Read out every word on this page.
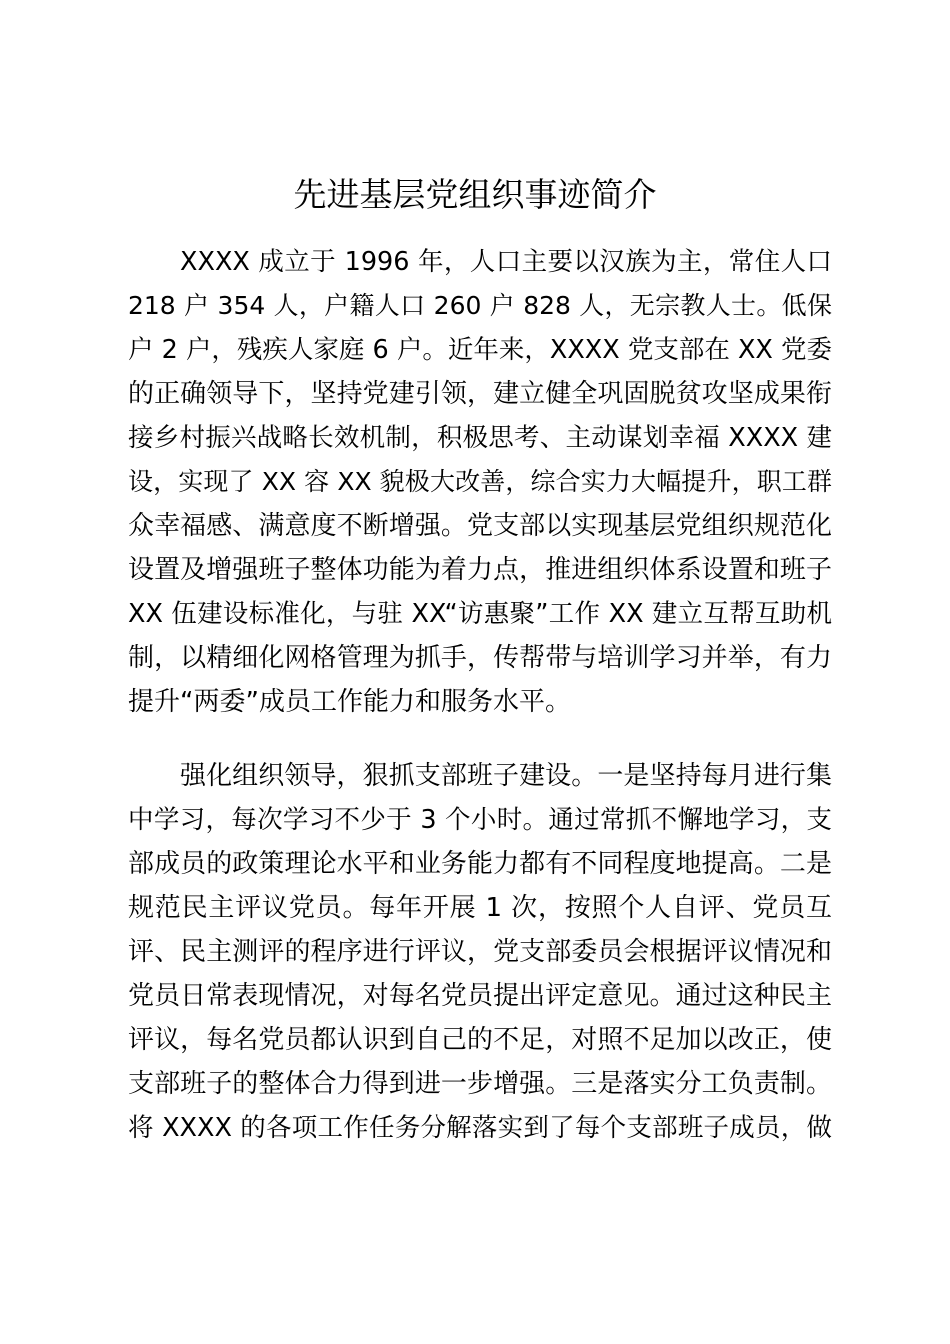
先进基层党组织事迹简介
XXXX 成立于 1996 年，人口主要以汉族为主，常住人口
218 户 354 人，户籍人口 260 户 828 人，无宗教人士。低保
户 2 户，残疾人家庭 6 户。近年来，XXXX 党支部在 XX 党委
的正确领导下，坚持党建引领，建立健全巩固脱贫攻坚成果衔
接乡村振兴战略长效机制，积极思考、主动谋划幸福 XXXX 建
设，实现了 XX 容 XX 貌极大改善，综合实力大幅提升，职工群
众幸福感、满意度不断增强。党支部以实现基层党组织规范化
设置及增强班子整体功能为着力点，推进组织体系设置和班子
XX 伍建设标准化，与驻 XX“访惠聚”工作 XX 建立互帮互助机
制，以精细化网格管理为抓手，传帮带与培训学习并举，有力
提升“两委”成员工作能力和服务水平。
强化组织领导，狠抓支部班子建设。一是坚持每月进行集
中学习，每次学习不少于 3 个小时。通过常抓不懈地学习，支
部成员的政策理论水平和业务能力都有不同程度地提高。二是
规范民主评议党员。每年开展 1 次，按照个人自评、党员互
评、民主测评的程序进行评议，党支部委员会根据评议情况和
党员日常表现情况，对每名党员提出评定意见。通过这种民主
评议，每名党员都认识到自己的不足，对照不足加以改正，使
支部班子的整体合力得到进一步增强。三是落实分工负责制。
将 XXXX 的各项工作任务分解落实到了每个支部班子成员，做
